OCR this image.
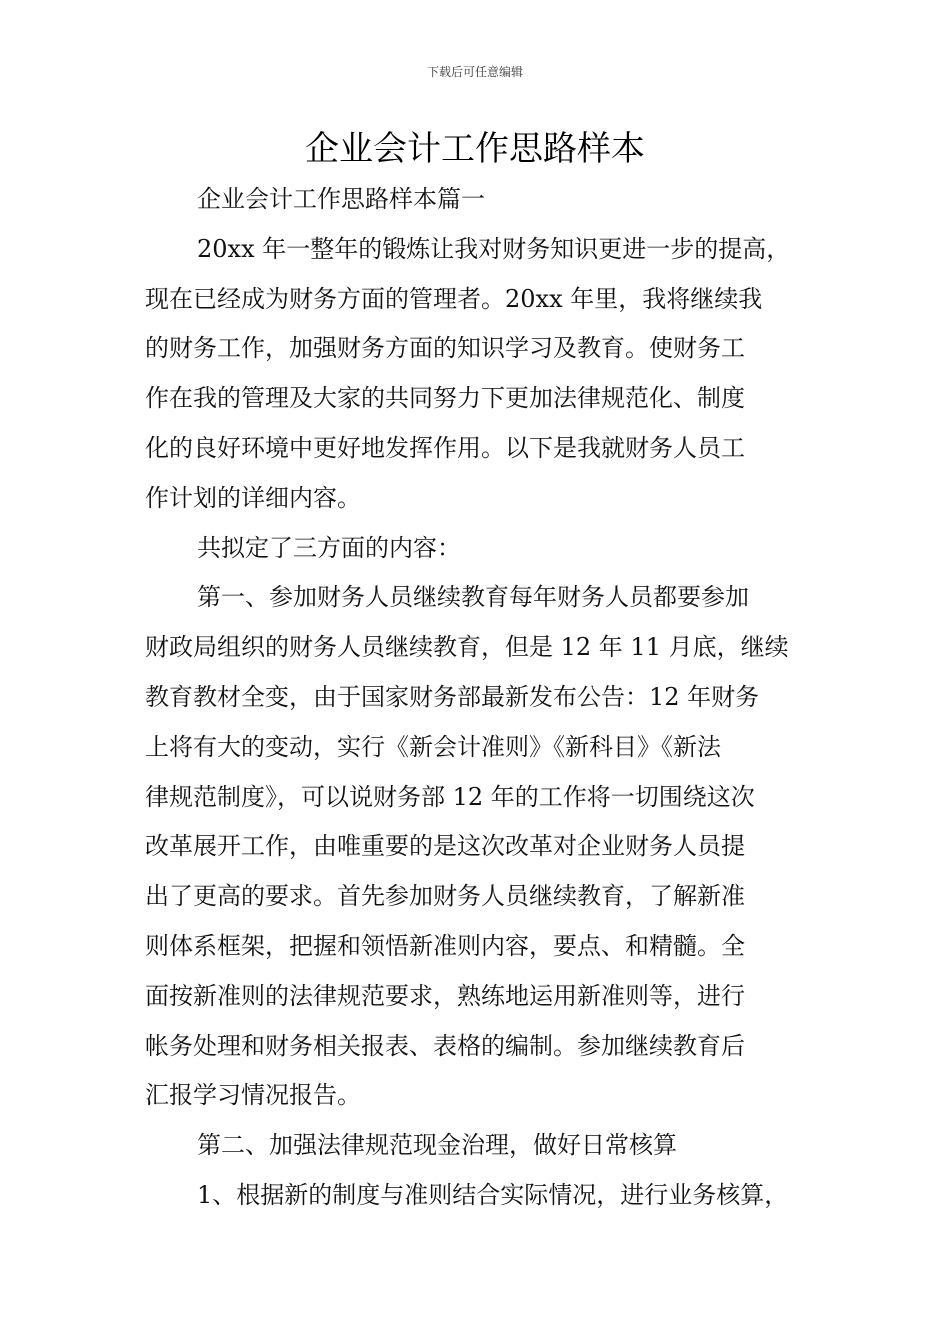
下载后可任意编辑
企业会计工作思路样本
企业会计工作思路样本篇一
20xx 年一整年的锻炼让我对财务知识更进一步的提高，
现在已经成为财务方面的管理者。20xx 年里，我将继续我
的财务工作，加强财务方面的知识学习及教育。使财务工
作在我的管理及大家的共同努力下更加法律规范化、制度
化的良好环境中更好地发挥作用。以下是我就财务人员工
作计划的详细内容。
共拟定了三方面的内容：
第一、参加财务人员继续教育每年财务人员都要参加
财政局组织的财务人员继续教育，但是 12 年 11 月底，继续
教育教材全变，由于国家财务部最新发布公告：12 年财务
上将有大的变动，实行《新会计准则》《新科目》《新法
律规范制度》，可以说财务部 12 年的工作将一切围绕这次
改革展开工作，由唯重要的是这次改革对企业财务人员提
出了更高的要求。首先参加财务人员继续教育，了解新准
则体系框架，把握和领悟新准则内容，要点、和精髓。全
面按新准则的法律规范要求，熟练地运用新准则等，进行
帐务处理和财务相关报表、表格的编制。参加继续教育后
汇报学习情况报告。
第二、加强法律规范现金治理，做好日常核算
1、根据新的制度与准则结合实际情况，进行业务核算，
